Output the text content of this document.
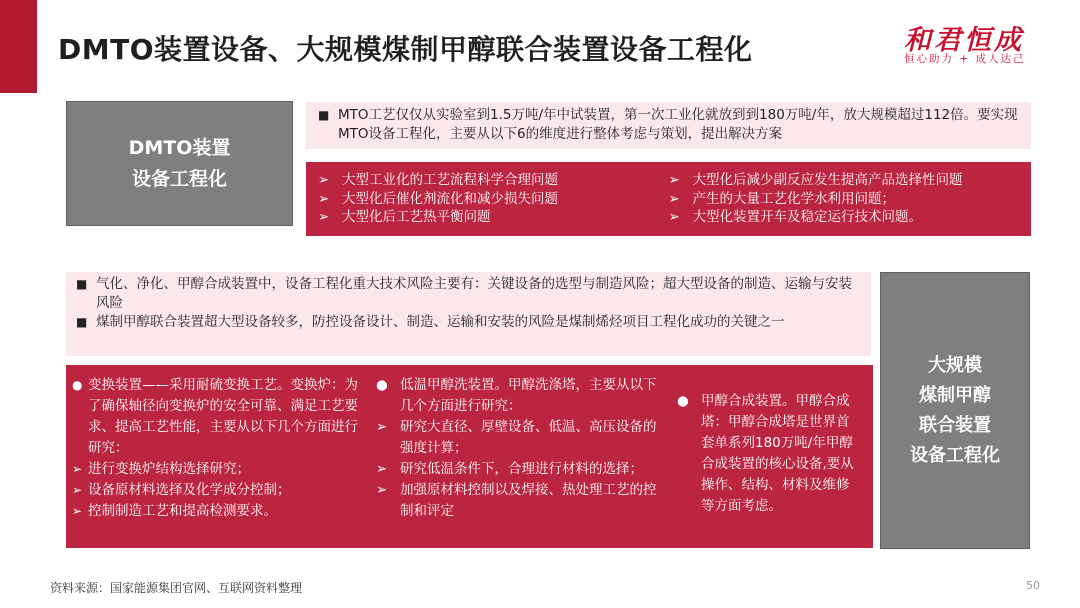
DMTO装置设备、大规模煤制甲醇联合装置设备工程化	和君恒成
恒心助力 + 成人达己
DMTO装置
设备工程化
■ MTO工艺仅仅从实验室到1.5万吨/年中试装置，第一次工业化就放到到180万吨/年，放大规模超过112倍。要实现MTO设备工程化，主要从以下6的维度进行整体考虑与策划，提出解决方案
➢ 大型工业化的工艺流程科学合理问题
➢ 大型化后催化剂流化和减少损失问题
➢ 大型化后工艺热平衡问题
➢ 大型化后减少副反应发生提高产品选择性问题
➢ 产生的大量工艺化学水利用问题；
➢ 大型化装置开车及稳定运行技术问题。
■ 气化、净化、甲醇合成装置中，设备工程化重大技术风险主要有：关键设备的选型与制造风险；超大型设备的制造、运输与安装风险
■ 煤制甲醇联合装置超大型设备较多，防控设备设计、制造、运输和安装的风险是煤制烯烃项目工程化成功的关键之一
大规模
煤制甲醇
联合装置
设备工程化
● 变换装置——采用耐硫变换工艺。变换炉：为了确保轴径向变换炉的安全可靠、满足工艺要求、提高工艺性能，主要从以下几个方面进行研究：
➢ 进行变换炉结构选择研究；
➢ 设备原材料选择及化学成分控制；
➢ 控制制造工艺和提高检测要求。
● 低温甲醇洗装置。甲醇洗涤塔，主要从以下几个方面进行研究：
➢ 研究大直径、厚壁设备、低温、高压设备的强度计算；
➢ 研究低温条件下，合理进行材料的选择；
➢ 加强原材料控制以及焊接、热处理工艺的控制和评定
● 甲醇合成装置。甲醇合成塔：甲醇合成塔是世界首套单系列180万吨/年甲醇合成装置的核心设备,要从操作、结构、材料及维修等方面考虑。
资料来源：国家能源集团官网、互联网资料整理	50
